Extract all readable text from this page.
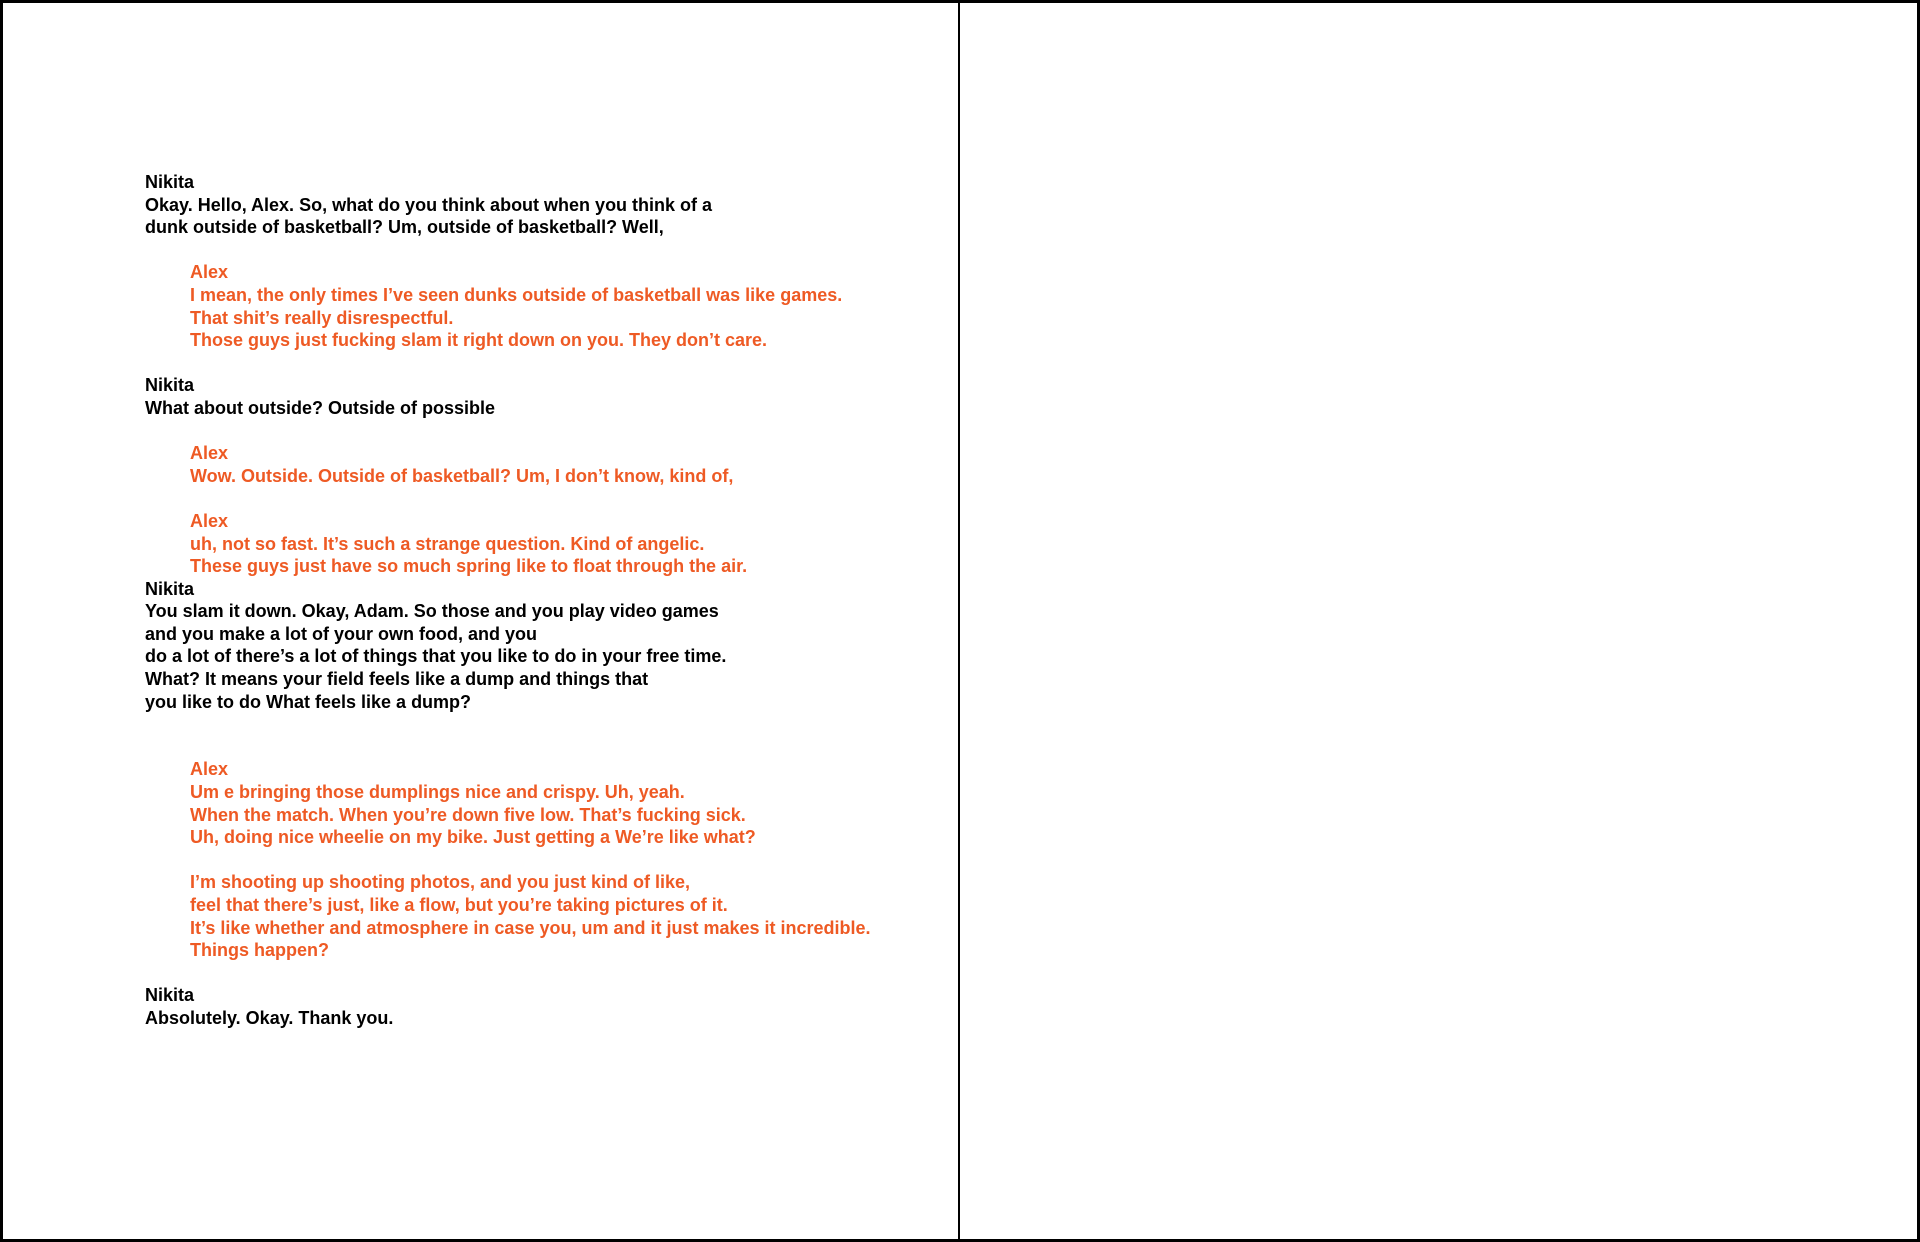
Nikita
Okay. Hello, Alex. So, what do you think about when you think of a
dunk outside of basketball? Um, outside of basketball? Well,
Alex
I mean, the only times I’ve seen dunks outside of basketball was like games.
That shit’s really disrespectful.
Those guys just fucking slam it right down on you. They don’t care.
Nikita
What about outside? Outside of possible
Alex
Wow. Outside. Outside of basketball? Um, I don’t know, kind of,
Alex
uh, not so fast. It’s such a strange question. Kind of angelic.
These guys just have so much spring like to float through the air.
Nikita
You slam it down. Okay, Adam. So those and you play video games
and you make a lot of your own food, and you
do a lot of there’s a lot of things that you like to do in your free time.
What? It means your field feels like a dump and things that
you like to do What feels like a dump?
Alex
Um e bringing those dumplings nice and crispy. Uh, yeah.
When the match. When you’re down five low. That’s fucking sick.
Uh, doing nice wheelie on my bike. Just getting a We’re like what?
I’m shooting up shooting photos, and you just kind of like,
feel that there’s just, like a flow, but you’re taking pictures of it.
It’s like whether and atmosphere in case you, um and it just makes it incredible.
Things happen?
Nikita
Absolutely. Okay. Thank you.
